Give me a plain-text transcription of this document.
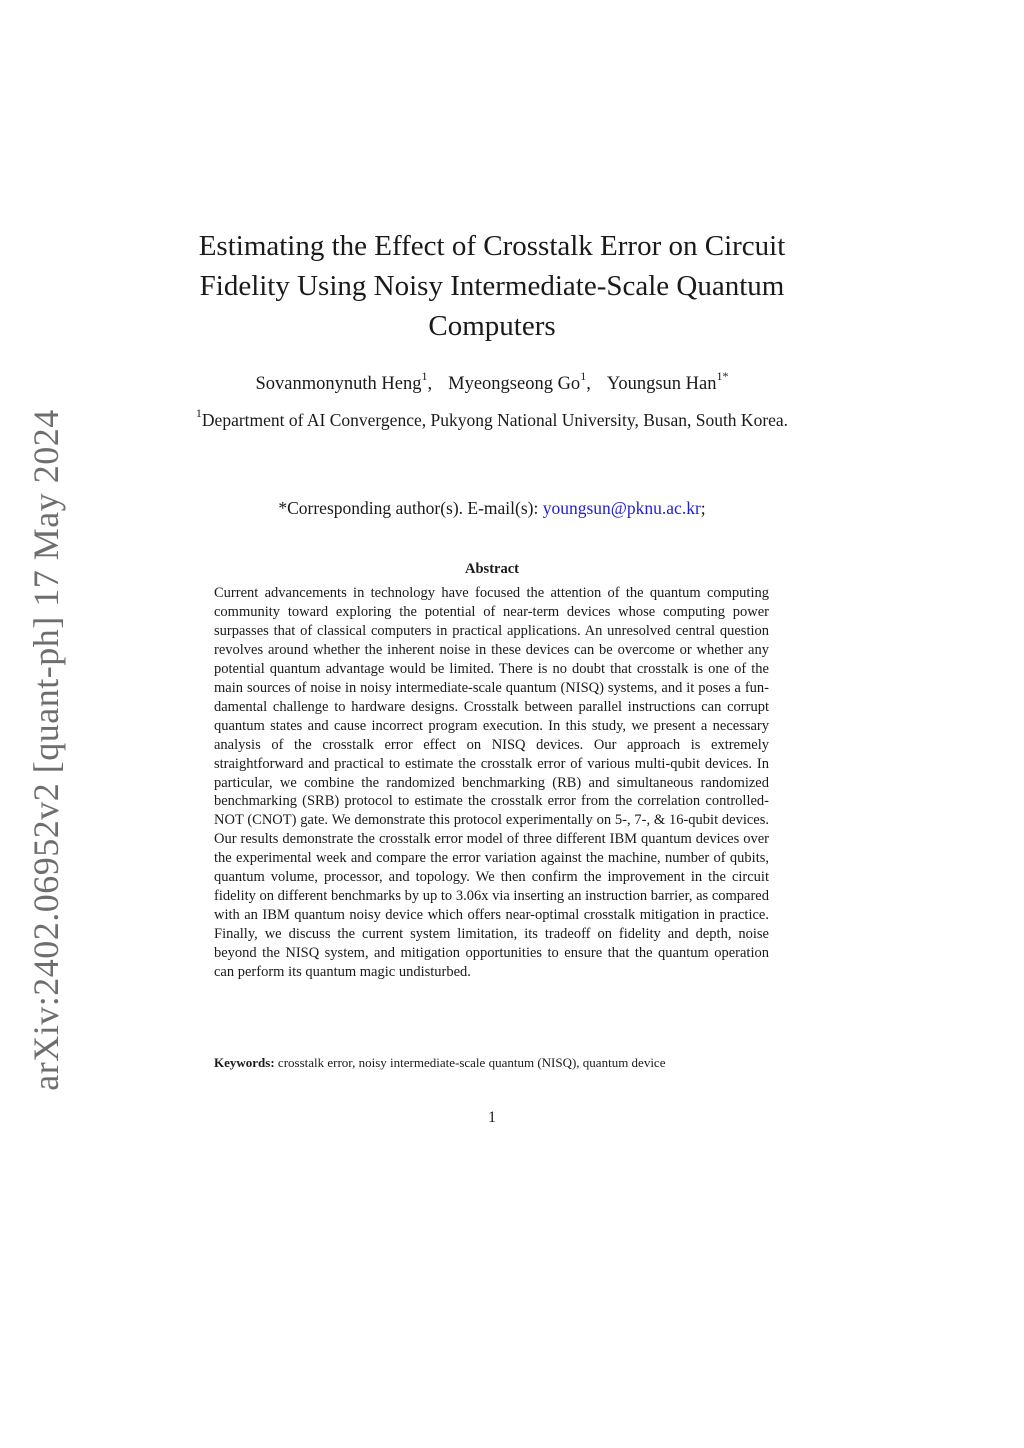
arXiv:2402.06952v2 [quant-ph] 17 May 2024
Estimating the Effect of Crosstalk Error on Circuit Fidelity Using Noisy Intermediate-Scale Quantum Computers
Sovanmonynuth Heng$^1$, Myeongseong Go$^1$, Youngsun Han$^{1*}$
$^1$Department of AI Convergence, Pukyong National University, Busan, South Korea.
*Corresponding author(s). E-mail(s): youngsun@pknu.ac.kr;
Abstract
Current advancements in technology have focused the attention of the quantum computing community toward exploring the potential of near-term devices whose computing power surpasses that of classical computers in practical applications. An unresolved central question revolves around whether the inherent noise in these devices can be overcome or whether any potential quantum advantage would be limited. There is no doubt that crosstalk is one of the main sources of noise in noisy intermediate-scale quantum (NISQ) systems, and it poses a fundamental challenge to hardware designs. Crosstalk between parallel instructions can corrupt quantum states and cause incorrect program execution. In this study, we present a necessary analysis of the crosstalk error effect on NISQ devices. Our approach is extremely straightforward and practical to estimate the crosstalk error of various multi-qubit devices. In particular, we combine the randomized benchmarking (RB) and simultaneous randomized benchmarking (SRB) protocol to estimate the crosstalk error from the correlation controlled-NOT (CNOT) gate. We demonstrate this protocol experimentally on 5-, 7-, & 16-qubit devices. Our results demonstrate the crosstalk error model of three different IBM quantum devices over the experimental week and compare the error variation against the machine, number of qubits, quantum volume, processor, and topology. We then confirm the improvement in the circuit fidelity on different benchmarks by up to 3.06x via inserting an instruction barrier, as compared with an IBM quantum noisy device which offers near-optimal crosstalk mitigation in practice. Finally, we discuss the current system limitation, its tradeoff on fidelity and depth, noise beyond the NISQ system, and mitigation opportunities to ensure that the quantum operation can perform its quantum magic undisturbed.
Keywords: crosstalk error, noisy intermediate-scale quantum (NISQ), quantum device
1
